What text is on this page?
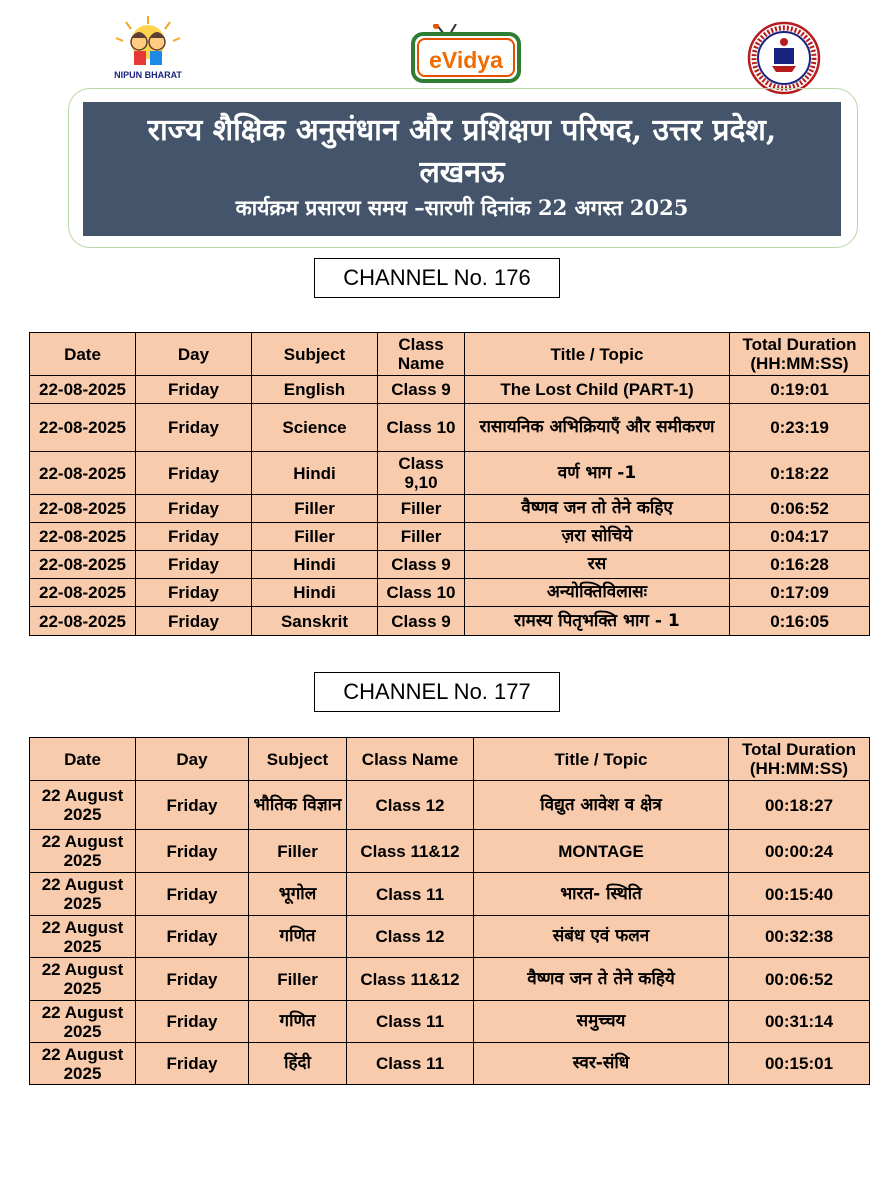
NIPUN BHARAT
eVidya
राज्य शैक्षिक अनुसंधान और प्रशिक्षण परिषद, उत्तर प्रदेश,
लखनऊ
कार्यक्रम प्रसारण समय –सारणी दिनांक 22 अगस्त 2025
CHANNEL No. 176
Date	Day	Subject	Class Name	Title / Topic	Total Duration (HH:MM:SS)
22-08-2025	Friday	English	Class 9	The Lost Child (PART-1)	0:19:01
22-08-2025	Friday	Science	Class 10	रासायनिक अभिक्रियाएँ और समीकरण	0:23:19
22-08-2025	Friday	Hindi	Class 9,10	वर्ण भाग -1	0:18:22
22-08-2025	Friday	Filler	Filler	वैष्णव जन तो तेने कहिए	0:06:52
22-08-2025	Friday	Filler	Filler	ज़रा सोचिये	0:04:17
22-08-2025	Friday	Hindi	Class 9	रस	0:16:28
22-08-2025	Friday	Hindi	Class 10	अन्योक्तिविलासः	0:17:09
22-08-2025	Friday	Sanskrit	Class 9	रामस्य पितृभक्ति भाग - 1	0:16:05
CHANNEL No. 177
Date	Day	Subject	Class Name	Title / Topic	Total Duration (HH:MM:SS)
22 August 2025	Friday	भौतिक विज्ञान	Class 12	विद्युत आवेश व क्षेत्र	00:18:27
22 August 2025	Friday	Filler	Class 11&12	MONTAGE	00:00:24
22 August 2025	Friday	भूगोल	Class 11	भारत- स्थिति	00:15:40
22 August 2025	Friday	गणित	Class 12	संबंध एवं फलन	00:32:38
22 August 2025	Friday	Filler	Class 11&12	वैष्णव जन ते तेने कहिये	00:06:52
22 August 2025	Friday	गणित	Class 11	समुच्चय	00:31:14
22 August 2025	Friday	हिंदी	Class 11	स्वर-संधि	00:15:01
